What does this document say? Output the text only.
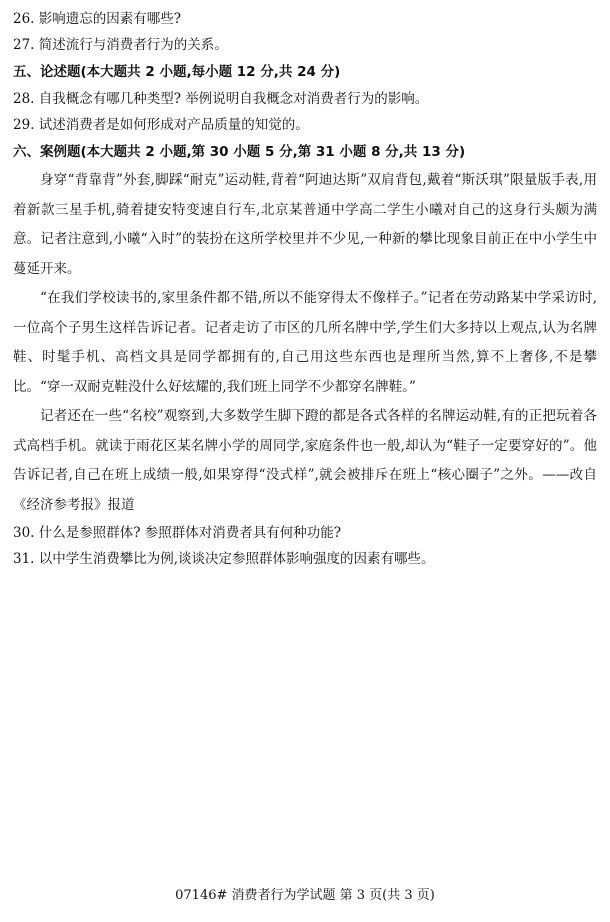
26. 影响遗忘的因素有哪些?

27. 简述流行与消费者行为的关系。

五、论述题(本大题共 2 小题,每小题 12 分,共 24 分)

28. 自我概念有哪几种类型? 举例说明自我概念对消费者行为的影响。

29. 试述消费者是如何形成对产品质量的知觉的。

六、案例题(本大题共 2 小题,第 30 小题 5 分,第 31 小题 8 分,共 13 分)

身穿“背靠背”外套,脚踩“耐克”运动鞋,背着“阿迪达斯”双肩背包,戴着“斯沃琪”限量版手表,用着新款三星手机,骑着捷安特变速自行车,北京某普通中学高二学生小曦对自己的这身行头颇为满意。记者注意到,小曦“入时”的装扮在这所学校里并不少见,一种新的攀比现象目前正在中小学生中蔓延开来。

“在我们学校读书的,家里条件都不错,所以不能穿得太不像样子。”记者在劳动路某中学采访时,一位高个子男生这样告诉记者。记者走访了市区的几所名牌中学,学生们大多持以上观点,认为名牌鞋、时髦手机、高档文具是同学都拥有的,自己用这些东西也是理所当然,算不上奢侈,不是攀比。“穿一双耐克鞋没什么好炫耀的,我们班上同学不少都穿名牌鞋。”

记者还在一些“名校”观察到,大多数学生脚下蹬的都是各式各样的名牌运动鞋,有的正把玩着各式高档手机。就读于雨花区某名牌小学的周同学,家庭条件也一般,却认为“鞋子一定要穿好的”。他告诉记者,自己在班上成绩一般,如果穿得“没式样”,就会被排斥在班上“核心圈子”之外。——改自《经济参考报》报道

30. 什么是参照群体? 参照群体对消费者具有何种功能?

31. 以中学生消费攀比为例,谈谈决定参照群体影响强度的因素有哪些。

07146# 消费者行为学试题 第 3 页(共 3 页)
